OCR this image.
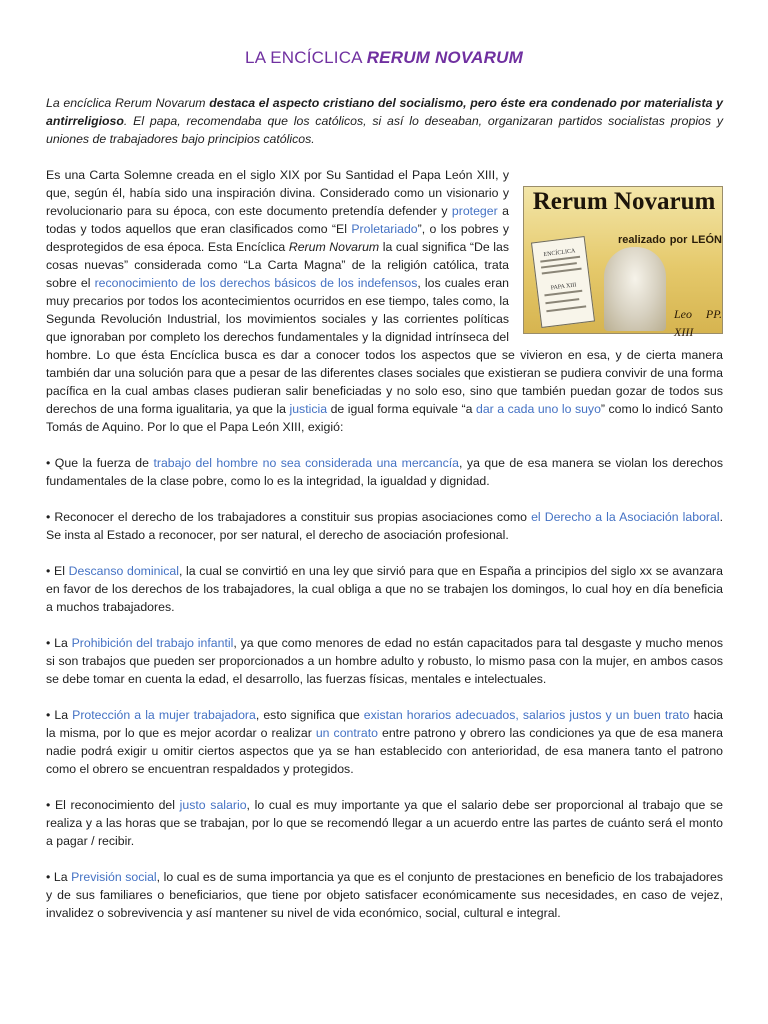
LA ENCÍCLICA RERUM NOVARUM

La encíclica Rerum Novarum destaca el aspecto cristiano del socialismo, pero éste era condenado por materialista y antirreligioso. El papa, recomendaba que los católicos, si así lo deseaban, organizaran partidos socialistas propios y uniones de trabajadores bajo principios católicos.

Rerum Novarum
realizado por LEÓN
ENCÍCLICA
PAPA XIII
Leo PP. XIII

Es una Carta Solemne creada en el siglo XIX por Su Santidad el Papa León XIII, y que, según él, había sido una inspiración divina. Considerado como un visionario y revolucionario para su época, con este documento pretendía defender y proteger a todas y todos aquellos que eran clasificados como “El Proletariado”, o los pobres y desprotegidos de esa época. Esta Encíclica Rerum Novarum la cual significa “De las cosas nuevas” considerada como “La Carta Magna” de la religión católica, trata sobre el reconocimiento de los derechos básicos de los indefensos, los cuales eran muy precarios por todos los acontecimientos ocurridos en ese tiempo, tales como, la Segunda Revolución Industrial, los movimientos sociales y las corrientes políticas que ignoraban por completo los derechos fundamentales y la dignidad intrínseca del hombre. Lo que ésta Encíclica busca es dar a conocer todos los aspectos que se vivieron en esa, y de cierta manera también dar una solución para que a pesar de las diferentes clases sociales que existieran se pudiera convivir de una forma pacífica en la cual ambas clases pudieran salir beneficiadas y no solo eso, sino que también puedan gozar de todos sus derechos de una forma igualitaria, ya que la justicia de igual forma equivale “a dar a cada uno lo suyo” como lo indicó Santo Tomás de Aquino. Por lo que el Papa León XIII, exigió:

• Que la fuerza de trabajo del hombre no sea considerada una mercancía, ya que de esa manera se violan los derechos fundamentales de la clase pobre, como lo es la integridad, la igualdad y dignidad.

• Reconocer el derecho de los trabajadores a constituir sus propias asociaciones como el Derecho a la Asociación laboral. Se insta al Estado a reconocer, por ser natural, el derecho de asociación profesional.

• El Descanso dominical, la cual se convirtió en una ley que sirvió para que en España a principios del siglo xx se avanzara en favor de los derechos de los trabajadores, la cual obliga a que no se trabajen los domingos, lo cual hoy en día beneficia a muchos trabajadores.

• La Prohibición del trabajo infantil, ya que como menores de edad no están capacitados para tal desgaste y mucho menos si son trabajos que pueden ser proporcionados a un hombre adulto y robusto, lo mismo pasa con la mujer, en ambos casos se debe tomar en cuenta la edad, el desarrollo, las fuerzas físicas, mentales e intelectuales.

• La Protección a la mujer trabajadora, esto significa que existan horarios adecuados, salarios justos y un buen trato hacia la misma, por lo que es mejor acordar o realizar un contrato entre patrono y obrero las condiciones ya que de esa manera nadie podrá exigir u omitir ciertos aspectos que ya se han establecido con anterioridad, de esa manera tanto el patrono como el obrero se encuentran respaldados y protegidos.

• El reconocimiento del justo salario, lo cual es muy importante ya que el salario debe ser proporcional al trabajo que se realiza y a las horas que se trabajan, por lo que se recomendó llegar a un acuerdo entre las partes de cuánto será el monto a pagar / recibir.

• La Previsión social, lo cual es de suma importancia ya que es el conjunto de prestaciones en beneficio de los trabajadores y de sus familiares o beneficiarios, que tiene por objeto satisfacer económicamente sus necesidades, en caso de vejez, invalidez o sobrevivencia y así mantener su nivel de vida económico, social, cultural e integral.
